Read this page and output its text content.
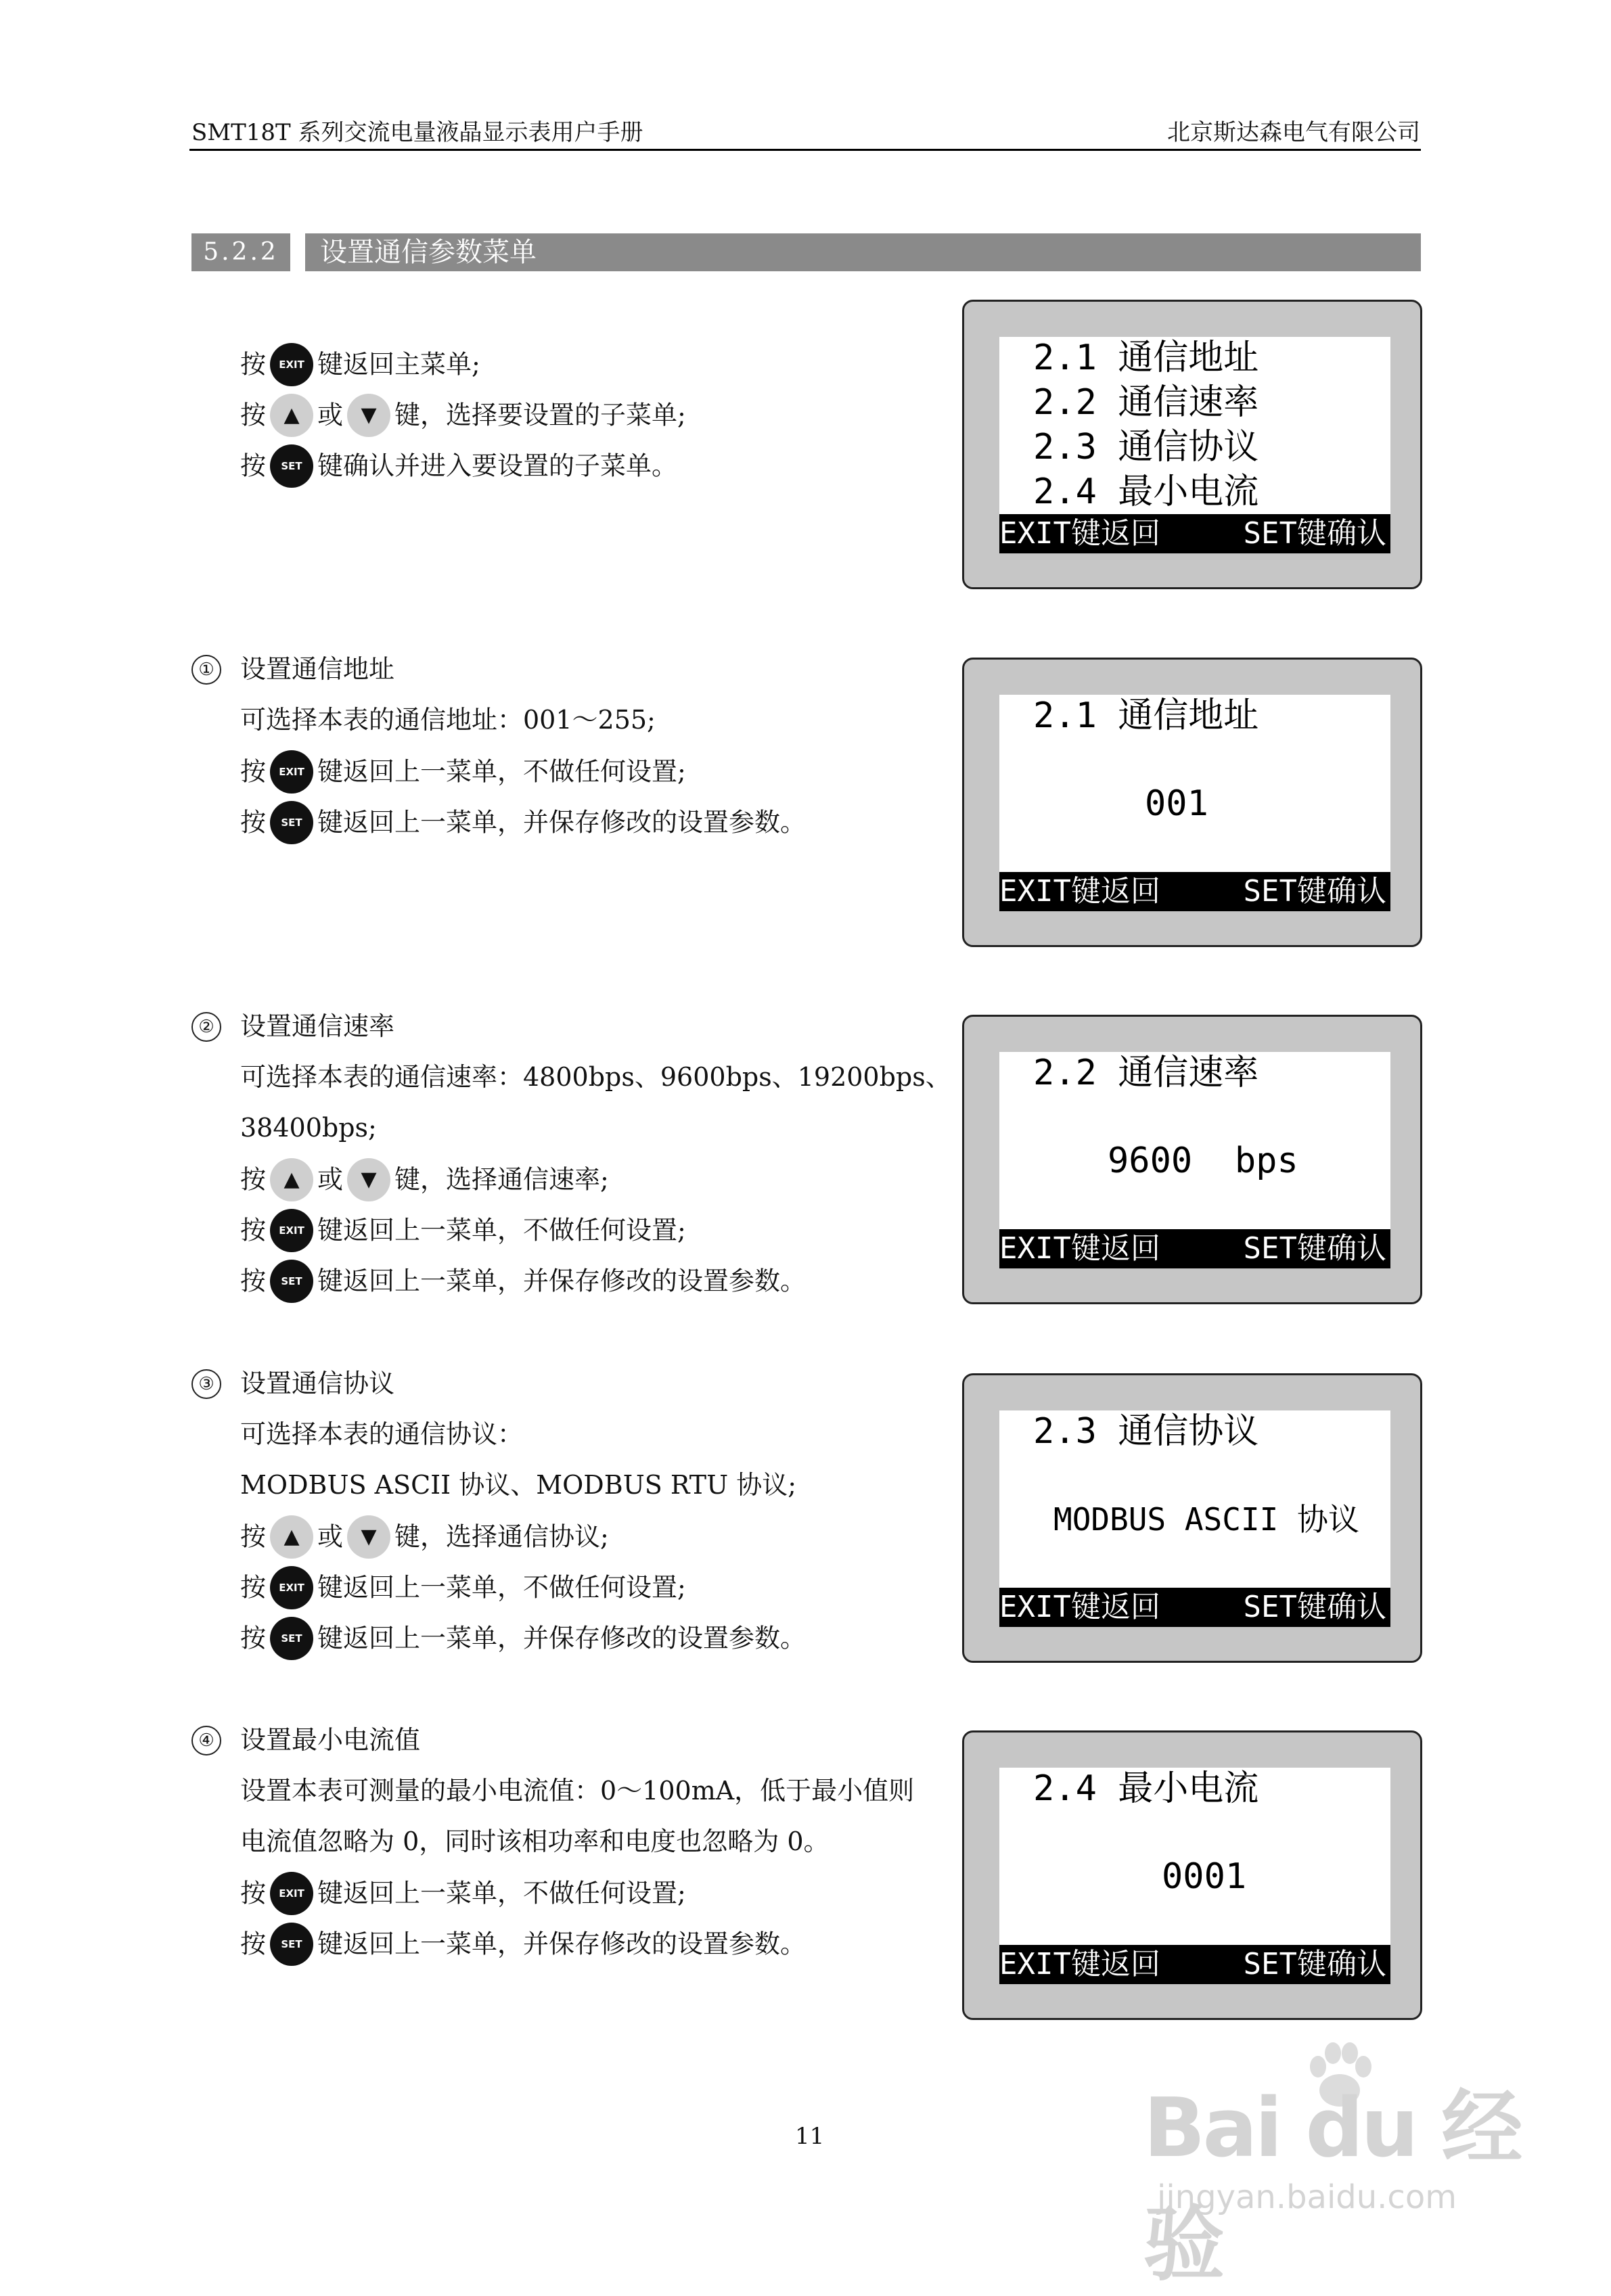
SMT18T 系列交流电量液晶显示表用户手册	北京斯达森电气有限公司
5.2.2	设置通信参数菜单
按 EXIT 键返回主菜单;
按 ▲ 或 ▼ 键，选择要设置的子菜单;
按 SET 键确认并进入要设置的子菜单。
2.1 通信地址
2.2 通信速率
2.3 通信协议
2.4 最小电流
EXIT键返回	SET键确认
① 设置通信地址
可选择本表的通信地址：001～255;
按 EXIT 键返回上一菜单，不做任何设置;
按 SET 键返回上一菜单，并保存修改的设置参数。
2.1 通信地址
001
EXIT键返回	SET键确认
② 设置通信速率
可选择本表的通信速率：4800bps、9600bps、19200bps、
38400bps;
按 ▲ 或 ▼ 键，选择通信速率;
按 EXIT 键返回上一菜单，不做任何设置;
按 SET 键返回上一菜单，并保存修改的设置参数。
2.2 通信速率
9600  bps
EXIT键返回	SET键确认
③ 设置通信协议
可选择本表的通信协议：
MODBUS ASCII 协议、MODBUS RTU 协议;
按 ▲ 或 ▼ 键，选择通信协议;
按 EXIT 键返回上一菜单，不做任何设置;
按 SET 键返回上一菜单，并保存修改的设置参数。
2.3 通信协议
MODBUS ASCII 协议
EXIT键返回	SET键确认
④ 设置最小电流值
设置本表可测量的最小电流值：0～100mA，低于最小值则
电流值忽略为 0，同时该相功率和电度也忽略为 0。
按 EXIT 键返回上一菜单，不做任何设置;
按 SET 键返回上一菜单，并保存修改的设置参数。
2.4 最小电流
0001
EXIT键返回	SET键确认
11	Bai du 经验
jingyan.baidu.com
